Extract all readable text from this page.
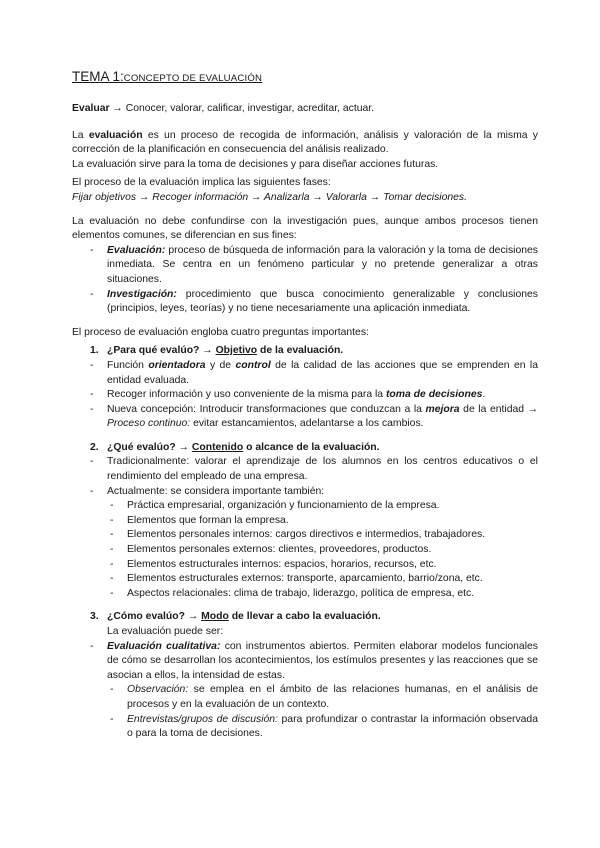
TEMA 1:CONCEPTO DE EVALUACIÓN

Evaluar → Conocer, valorar, calificar, investigar, acreditar, actuar.

La evaluación es un proceso de recogida de información, análisis y valoración de la misma y corrección de la planificación en consecuencia del análisis realizado.

La evaluación sirve para la toma de decisiones y para diseñar acciones futuras.

El proceso de la evaluación implica las siguientes fases:

Fijar objetivos → Recoger información → Analizarla → Valorarla → Tomar decisiones.

La evaluación no debe confundirse con la investigación pues, aunque ambos procesos tienen elementos comunes, se diferencian en sus fines:

- Evaluación: proceso de búsqueda de información para la valoración y la toma de decisiones inmediata. Se centra en un fenómeno particular y no pretende generalizar a otras situaciones.
- Investigación: procedimiento que busca conocimiento generalizable y conclusiones (principios, leyes, teorías) y no tiene necesariamente una aplicación inmediata.

El proceso de evaluación engloba cuatro preguntas importantes:

1. ¿Para qué evalúo? → Objetivo de la evaluación.
- Función orientadora y de control de la calidad de las acciones que se emprenden en la entidad evaluada.
- Recoger información y uso conveniente de la misma para la toma de decisiones.
- Nueva concepción: Introducir transformaciones que conduzcan a la mejora de la entidad → Proceso continuo: evitar estancamientos, adelantarse a los cambios.
2. ¿Qué evalúo? → Contenido o alcance de la evaluación.
- Tradicionalmente: valorar el aprendizaje de los alumnos en los centros educativos o el rendimiento del empleado de una empresa.
- Actualmente: se considera importante también:
- Práctica empresarial, organización y funcionamiento de la empresa.
- Elementos que forman la empresa.
- Elementos personales internos: cargos directivos e intermedios, trabajadores.
- Elementos personales externos: clientes, proveedores, productos.
- Elementos estructurales internos: espacios, horarios, recursos, etc.
- Elementos estructurales externos: transporte, aparcamiento, barrio/zona, etc.
- Aspectos relacionales: clima de trabajo, liderazgo, política de empresa, etc.
3. ¿Cómo evalúo? → Modo de llevar a cabo la evaluación.

La evaluación puede ser:

- Evaluación cualitativa: con instrumentos abiertos. Permiten elaborar modelos funcionales de cómo se desarrollan los acontecimientos, los estímulos presentes y las reacciones que se asocian a ellos, la intensidad de estas.
- Observación: se emplea en el ámbito de las relaciones humanas, en el análisis de procesos y en la evaluación de un contexto.
- Entrevistas/grupos de discusión: para profundizar o contrastar la información observada o para la toma de decisiones.
